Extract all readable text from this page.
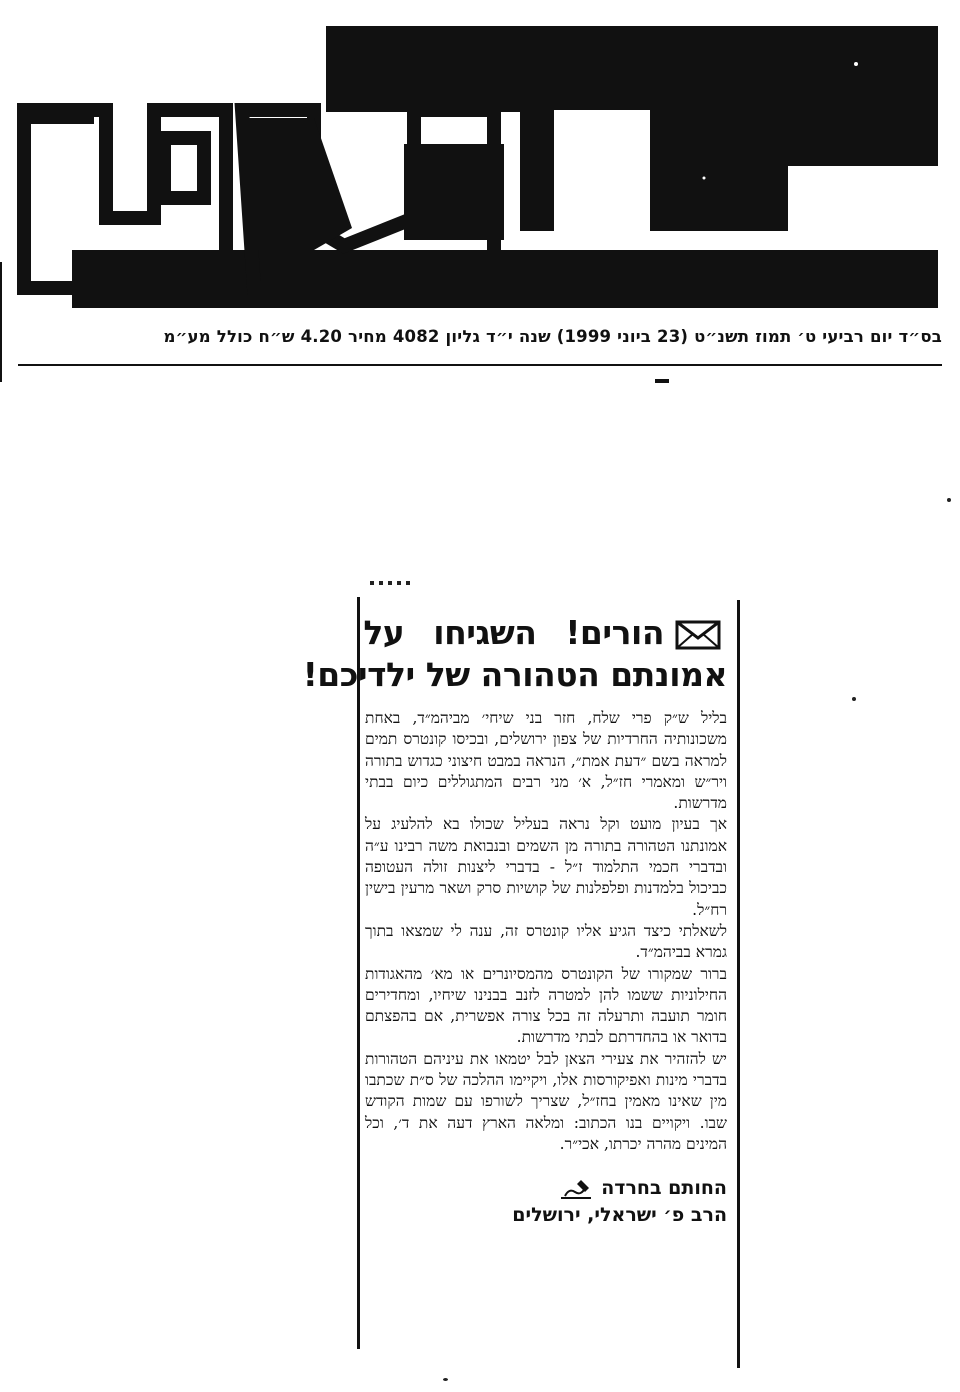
בס״ד יום רביעי ט׳ תמוז תשנ״ט (23 ביוני 1999) שנה י״ד גליון 4082 מחיר 4.20 ש״ח כולל מע״מ
הורים! השגיחו על
אמונתם הטהורה של ילדיכם!

בליל ש״ק פרי שלח, חזר בני שיחי׳ מביהמ״ד, באחת משכונותיה החרדיות של צפון ירושלים, ובכיסו קונטרס תמים למראה בשם ״דעת אמת״, הנראה במבט חיצוני כגדוש בתורה ויר״ש ומאמרי חז״ל, א׳ מני רבים המתגוללים כיום בבתי מדרשות.

אך בעיון מועט וקל נראה בעליל שכולו בא להלעיג על אמונתנו הטהורה בתורה מן השמים ובנבואת משה רבינו ע״ה ובדברי חכמי התלמוד ז״ל - בדברי ליצנות זולה העטופה כביכול בלמדנות ופלפלנות של קושיות סרק ושאר מרעין בישין רח״ל.

לשאלתי כיצד הגיע אליו קונטרס זה, ענה לי שמצאו בתוך גמרא בביהמ״ד.

ברור שמקורו של הקונטרס מהמסיונרים או מא׳ מהאגודות החילוניות ששמו להן למטרה לזנב בבנינו שיחיו, ומחדירים חומר תועבה ותרעלה זה בכל צורה אפשרית, אם בהפצתם בדואר או בהחדרתם לבתי מדרשות.

יש להזהיר את צעירי הצאן לבל יטמאו את עיניהם הטהורות בדברי מינות ואפיקורסות אלו, ויקיימו ההלכה של ס״ת שכתבו מין שאינו מאמין בחז״ל, שצריך לשורפו עם שמות הקודש שבו. ויקויים בנו הכתוב: ומלאה הארץ דעה את ד׳, וכל המינים מהרה יכרתו, אכי״ר.

החותם בחרדה
הרב פ׳ ישראלי, ירושלים
